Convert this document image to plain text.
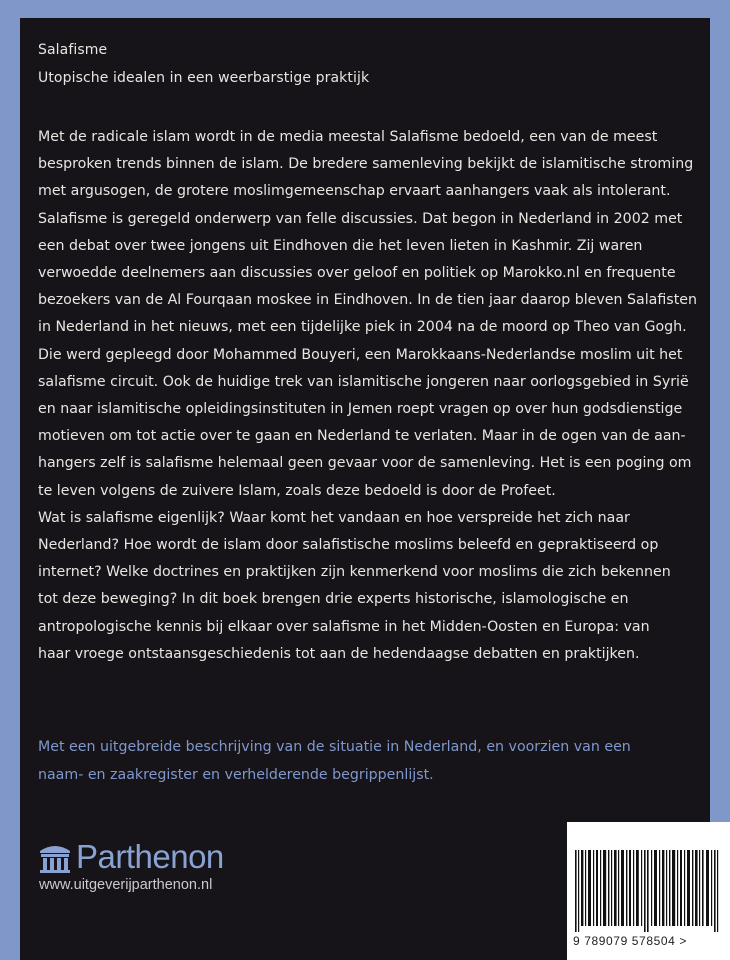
Salafisme
Utopische idealen in een weerbarstige praktijk

Met de radicale islam wordt in de media meestal Salafisme bedoeld, een van de meest

besproken trends binnen de islam. De bredere samenleving bekijkt de islamitische stroming

met argusogen, de grotere moslimgemeenschap ervaart aanhangers vaak als intolerant.

Salafisme is geregeld onderwerp van felle discussies. Dat begon in Nederland in 2002 met

een debat over twee jongens uit Eindhoven die het leven lieten in Kashmir. Zij waren

verwoedde deelnemers aan discussies over geloof en politiek op Marokko.nl en frequente

bezoekers van de Al Fourqaan moskee in Eindhoven. In de tien jaar daarop bleven Salafisten

in Nederland in het nieuws, met een tijdelijke piek in 2004 na de moord op Theo van Gogh.

Die werd gepleegd door Mohammed Bouyeri, een Marokkaans-Nederlandse moslim uit het

salafisme circuit. Ook de huidige trek van islamitische jongeren naar oorlogsgebied in Syrië

en naar islamitische opleidingsinstituten in Jemen roept vragen op over hun godsdienstige

motieven om tot actie over te gaan en Nederland te verlaten. Maar in de ogen van de aan-

hangers zelf is salafisme helemaal geen gevaar voor de samenleving. Het is een poging om

te leven volgens de zuivere Islam, zoals deze bedoeld is door de Profeet.

Wat is salafisme eigenlijk? Waar komt het vandaan en hoe verspreide het zich naar

Nederland? Hoe wordt de islam door salafistische moslims beleefd en gepraktiseerd op

internet? Welke doctrines en praktijken zijn kenmerkend voor moslims die zich bekennen

tot deze beweging? In dit boek brengen drie experts historische, islamologische en

antropologische kennis bij elkaar over salafisme in het Midden-Oosten en Europa: van

haar vroege ontstaansgeschiedenis tot aan de hedendaagse debatten en praktijken.

Met een uitgebreide beschrijving van de situatie in Nederland, en voorzien van een

naam- en zaakregister en verhelderende begrippenlijst.

Parthenon
www.uitgeverijparthenon.nl
9 789079 578504 >
